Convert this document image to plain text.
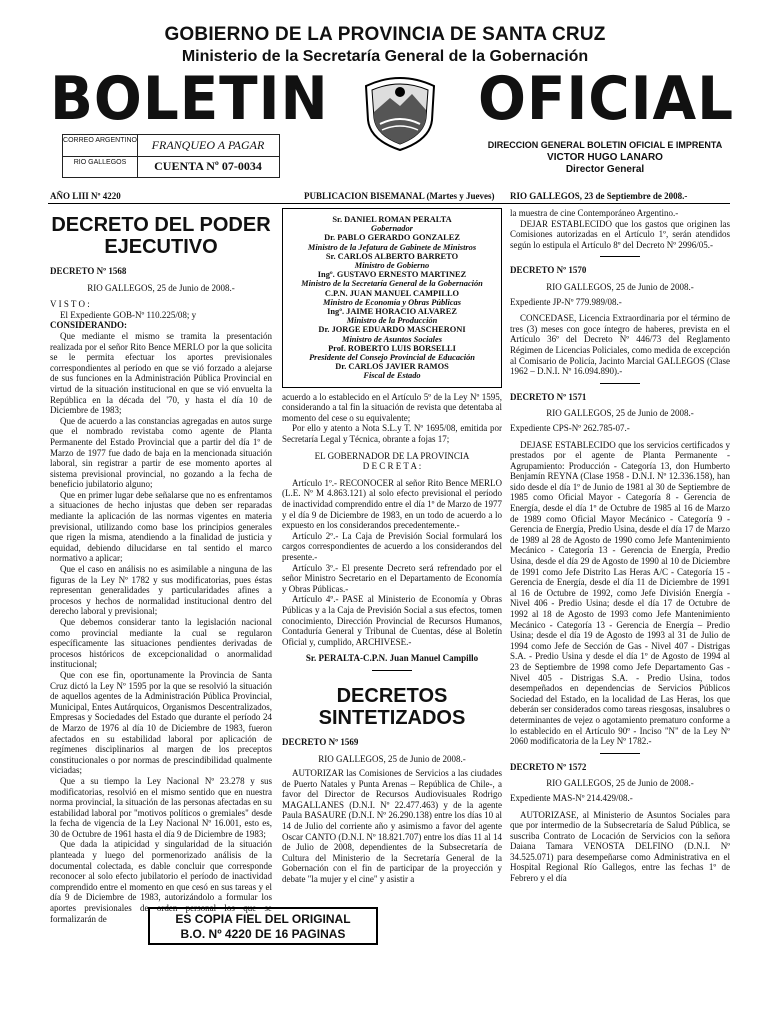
GOBIERNO DE LA PROVINCIA DE SANTA CRUZ
Ministerio de la Secretaría General de la Gobernación
BOLETIN OFICIAL
CORREO ARGENTINO
RIO GALLEGOS
FRANQUEO A PAGAR
CUENTA Nº 07-0034
DIRECCION GENERAL BOLETIN OFICIAL E IMPRENTA
VICTOR HUGO LANARO
Director General
AÑO LIII Nº 4220	PUBLICACION BISEMANAL (Martes y Jueves) RIO GALLEGOS, 23 de Septiembre de 2008.-
DECRETO DEL PODER EJECUTIVO
DECRETO Nº 1568
RIO GALLEGOS, 25 de Junio de 2008.-
V I S T O :

El Expediente GOB-Nº 110.225/08; y

CONSIDERANDO:

Que mediante el mismo se tramita la presentación realizada por el señor Rito Bence MERLO por la que solicita se le permita efectuar los aportes previsionales correspondientes al período en que se vió forzado a alejarse de sus funciones en la Administración Pública Provincial en virtud de la situación institucional en que se vió envuelta la República en la década del '70, y hasta el día 10 de Diciembre de 1983;

Que de acuerdo a las constancias agregadas en autos surge que el nombrado revistaba como agente de Planta Permanente del Estado Provincial que a partir del día 1º de Marzo de 1977 fue dado de baja en la mencionada situación laboral, sin registrar a partir de ese momento aportes al sistema previsional provincial, no gozando a la fecha de beneficio jubilatorio alguno;

Que en primer lugar debe señalarse que no es enfrentamos a situaciones de hecho injustas que deben ser reparadas mediante la aplicación de las normas vigentes en materia previsional, utilizando como base los principios generales que rigen la misma, atendiendo a la finalidad de justicia y equidad, debiendo dilucidarse en tal sentido el marco normativo a aplicar;

Que el caso en análisis no es asimilable a ninguna de las figuras de la Ley Nº 1782 y sus modificatorias, pues éstas representan generalidades y particularidades afines a procesos y hechos de normalidad institucional dentro del derecho laboral y previsional;

Que debemos considerar tanto la legislación nacional como provincial mediante la cual se regularon específicamente las situaciones pendientes derivadas de procesos históricos de excepcionalidad o anormalidad institucional;

Que con ese fin, oportunamente la Provincia de Santa Cruz dictó la Ley Nº 1595 por la que se resolvió la situación de aquellos agentes de la Administración Pública Provincial, Municipal, Entes Autárquicos, Organismos Descentralizados, Empresas y Sociedades del Estado que durante el período 24 de Marzo de 1976 al día 10 de Diciembre de 1983, fueron afectados en su estabilidad laboral por aplicación de regímenes disciplinarios al margen de los preceptos constitucionales o por normas de prescindibilidad qualmente viciadas;

Que a su tiempo la Ley Nacional Nº 23.278 y sus modificatorias, resolvió en el mismo sentido que en nuestra norma provincial, la situación de las personas afectadas en su estabilidad laboral por "motivos políticos o gremiales" desde la fecha de vigencia de la Ley Nacional Nº 16.001, esto es, 30 de Octubre de 1961 hasta el día 9 de Diciembre de 1983;

Que dada la atipicidad y singularidad de la situación planteada y luego del pormenorizado análisis de la documental colectada, es dable concluir que corresponde reconocer al solo efecto jubilatorio el período de inactividad comprendido entre el momento en que cesó en sus tareas y el día 9 de Diciembre de 1983, autorizándolo a formular los aportes previsionales de orden personal los que se formalizarán de

Sr. DANIEL ROMAN PERALTA
Gobernador
Dr. PABLO GERARDO GONZALEZ
Ministro de la Jefatura de Gabinete de Ministros
Sr. CARLOS ALBERTO BARRETO
Ministro de Gobierno
Ingº. GUSTAVO ERNESTO MARTINEZ
Ministro de la Secretaría General de la Gobernación
C.P.N. JUAN MANUEL CAMPILLO
Ministro de Economía y Obras Públicas
Ingº. JAIME HORACIO ALVAREZ
Ministro de la Producción
Dr. JORGE EDUARDO MASCHERONI
Ministro de Asuntos Sociales
Prof. ROBERTO LUIS BORSELLI
Presidente del Consejo Provincial de Educación
Dr. CARLOS JAVIER RAMOS
Fiscal de Estado

acuerdo a lo establecido en el Artículo 5º de la Ley Nº 1595, considerando a tal fin la situación de revista que detentaba al momento del cese o su equivalente;

Por ello y atento a Nota S.L.y T. Nº 1695/08, emitida por Secretaría Legal y Técnica, obrante a fojas 17;

EL GOBERNADOR DE LA PROVINCIA
D E C R E T A :

Artículo 1º.- RECONOCER al señor Rito Bence MERLO (L.E. Nº M 4.863.121) al solo efecto previsional el período de inactividad comprendido entre el día 1º de Marzo de 1977 y el día 9 de Diciembre de 1983, en un todo de acuerdo a lo expuesto en los considerandos precedentemente.-

Artículo 2º.- La Caja de Previsión Social formulará los cargos correspondientes de acuerdo a los considerandos del presente.-

Artículo 3º.- El presente Decreto será refrendado por el señor Ministro Secretario en el Departamento de Economía y Obras Públicas.-

Artículo 4º.- PASE al Ministerio de Economía y Obras Públicas y a la Caja de Previsión Social a sus efectos, tomen conocimiento, Dirección Provincial de Recursos Humanos, Contaduría General y Tribunal de Cuentas, dése al Boletín Oficial y, cumplido, ARCHIVESE.-

Sr. PERALTA-C.P.N. Juan Manuel Campillo
DECRETOS SINTETIZADOS
DECRETO Nº 1569
RIO GALLEGOS, 25 de Junio de 2008.-

AUTORIZAR las Comisiones de Servicios a las ciudades de Puerto Natales y Punta Arenas – República de Chile-, a favor del Director de Recursos Audiovisuales Rodrigo MAGALLANES (D.N.I. Nº 22.477.463) y de la agente Paula BASAURE (D.N.I. Nº 26.290.138) entre los días 10 al 14 de Julio del corriente año y asimismo a favor del agente Oscar CANTO (D.N.I. Nº 18.821.707) entre los días 11 al 14 de Julio de 2008, dependientes de la Subsecretaría de Cultura del Ministerio de la Secretaría General de la Gobernación con el fin de participar de la proyección y debate "la mujer y el cine" y asistir a

la muestra de cine Contemporáneo Argentino.-

DEJAR ESTABLECIDO que los gastos que originen las Comisiones autorizadas en el Artículo 1º, serán atendidos según lo estipula el Artículo 8º del Decreto Nº 2996/05.-

DECRETO Nº 1570
RIO GALLEGOS, 25 de Junio de 2008.-
Expediente JP-Nº 779.989/08.-

CONCEDASE, Licencia Extraordinaria por el término de tres (3) meses con goce íntegro de haberes, prevista en el Artículo 36º del Decreto Nº 446/73 del Reglamento Régimen de Licencias Policiales, como medida de excepción al Comisario de Policía, Jacinto Marcial GALLEGOS (Clase 1962 – D.N.I. Nº 16.094.890).-

DECRETO Nº 1571
RIO GALLEGOS, 25 de Junio de 2008.-
Expediente CPS-Nº 262.785-07.-

DEJASE ESTABLECIDO que los servicios certificados y prestados por el agente de Planta Permanente - Agrupamiento: Producción - Categoría 13, don Humberto Benjamín REYNA (Clase 1958 - D.N.I. Nº 12.336.158), han sido desde el día 1º de Junio de 1981 al 30 de Septiembre de 1985 como Oficial Mayor - Categoría 8 - Gerencia de Energía, desde el día 1º de Octubre de 1985 al 16 de Marzo de 1989 como Oficial Mayor Mecánico - Categoría 9 - Gerencia de Energía, Predio Usina, desde el día 17 de Marzo de 1989 al 28 de Agosto de 1990 como Jefe Mantenimiento Mecánico - Categoría 13 - Gerencia de Energía, Predio Usina, desde el día 29 de Agosto de 1990 al 10 de Diciembre de 1991 como Jefe Distrito Las Heras A/C - Categoría 15 - Gerencia de Energía, desde el día 11 de Diciembre de 1991 al 16 de Octubre de 1992, como Jefe División Energía - Nivel 406 - Predio Usina; desde el día 17 de Octubre de 1992 al 18 de Agosto de 1993 como Jefe Mantenimiento Mecánico - Categoría 13 - Gerencia de Energía – Predio Usina; desde el día 19 de Agosto de 1993 al 31 de Julio de 1994 como Jefe de Sección de Gas - Nivel 407 - Distrigas S.A. - Predio Usina y desde el día 1º de Agosto de 1994 al 23 de Septiembre de 1998 como Jefe Departamento Gas - Nivel 405 - Distrigas S.A. - Predio Usina, todos desempeñados en dependencias de Servicios Públicos Sociedad del Estado, en la localidad de Las Heras, los que deberán ser considerados como tareas riesgosas, insalubres o determinantes de vejez o agotamiento prematuro conforme a lo establecido en el Artículo 90º - Inciso "N" de la Ley Nº 2060 modificatoria de la Ley Nº 1782.-

DECRETO Nº 1572
RIO GALLEGOS, 25 de Junio de 2008.-
Expediente MAS-Nº 214.429/08.-

AUTORIZASE, al Ministerio de Asuntos Sociales para que por intermedio de la Subsecretaría de Salud Pública, se suscriba Contrato de Locación de Servicios con la señora Daiana Tamara VENOSTA DELFINO (D.N.I. Nº 34.525.071) para desempeñarse como Administrativa en el Hospital Regional Río Gallegos, entre las fechas 1º de Febrero y el día

ES COPIA FIEL DEL ORIGINAL
B.O. Nº 4220 DE 16 PAGINAS
